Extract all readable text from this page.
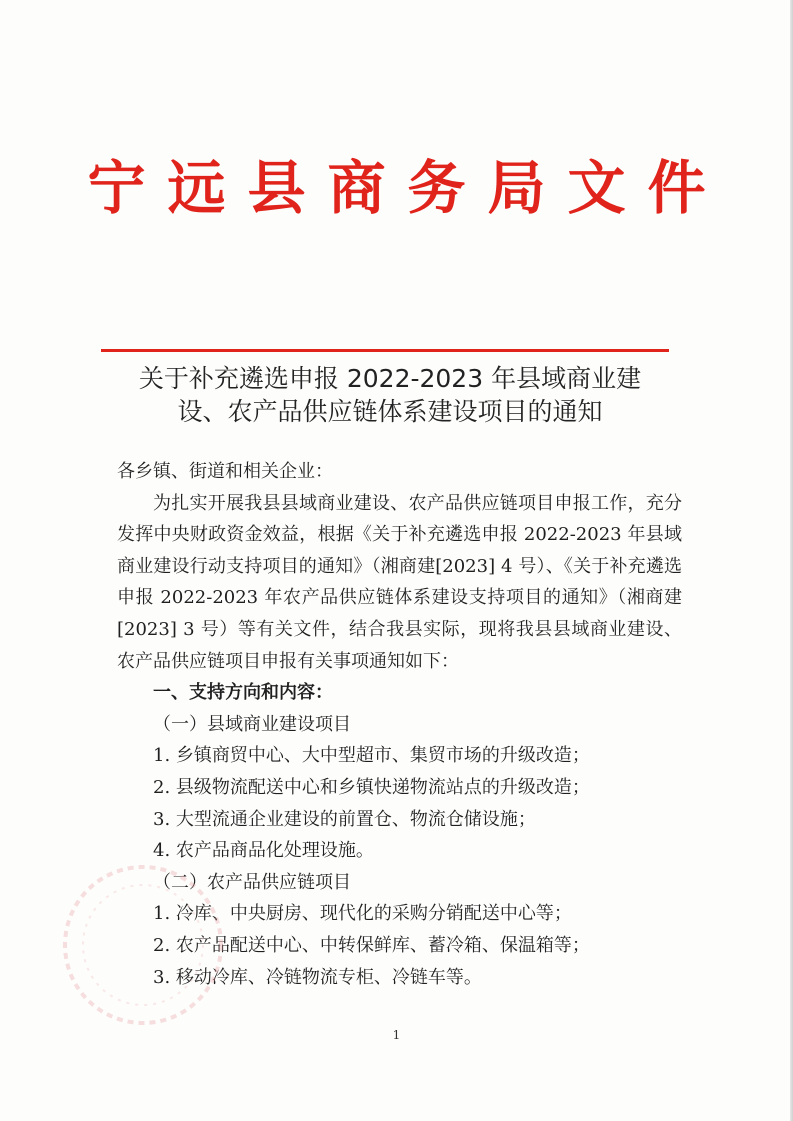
宁远县商务局文件
关于补充遴选申报 2022-2023 年县域商业建
设、农产品供应链体系建设项目的通知

各乡镇、街道和相关企业：

为扎实开展我县县域商业建设、农产品供应链项目申报工作，充分发挥中央财政资金效益，根据《关于补充遴选申报 2022-2023 年县域商业建设行动支持项目的通知》（湘商建[2023] 4 号）、《关于补充遴选申报 2022-2023 年农产品供应链体系建设支持项目的通知》（湘商建[2023] 3 号）等有关文件，结合我县实际，现将我县县域商业建设、农产品供应链项目申报有关事项通知如下：

一、支持方向和内容：

（一）县域商业建设项目

1. 乡镇商贸中心、大中型超市、集贸市场的升级改造；

2. 县级物流配送中心和乡镇快递物流站点的升级改造；

3. 大型流通企业建设的前置仓、物流仓储设施；

4. 农产品商品化处理设施。

（二）农产品供应链项目

1. 冷库、中央厨房、现代化的采购分销配送中心等；

2. 农产品配送中心、中转保鲜库、蓄冷箱、保温箱等；

3. 移动冷库、冷链物流专柜、冷链车等。

1
